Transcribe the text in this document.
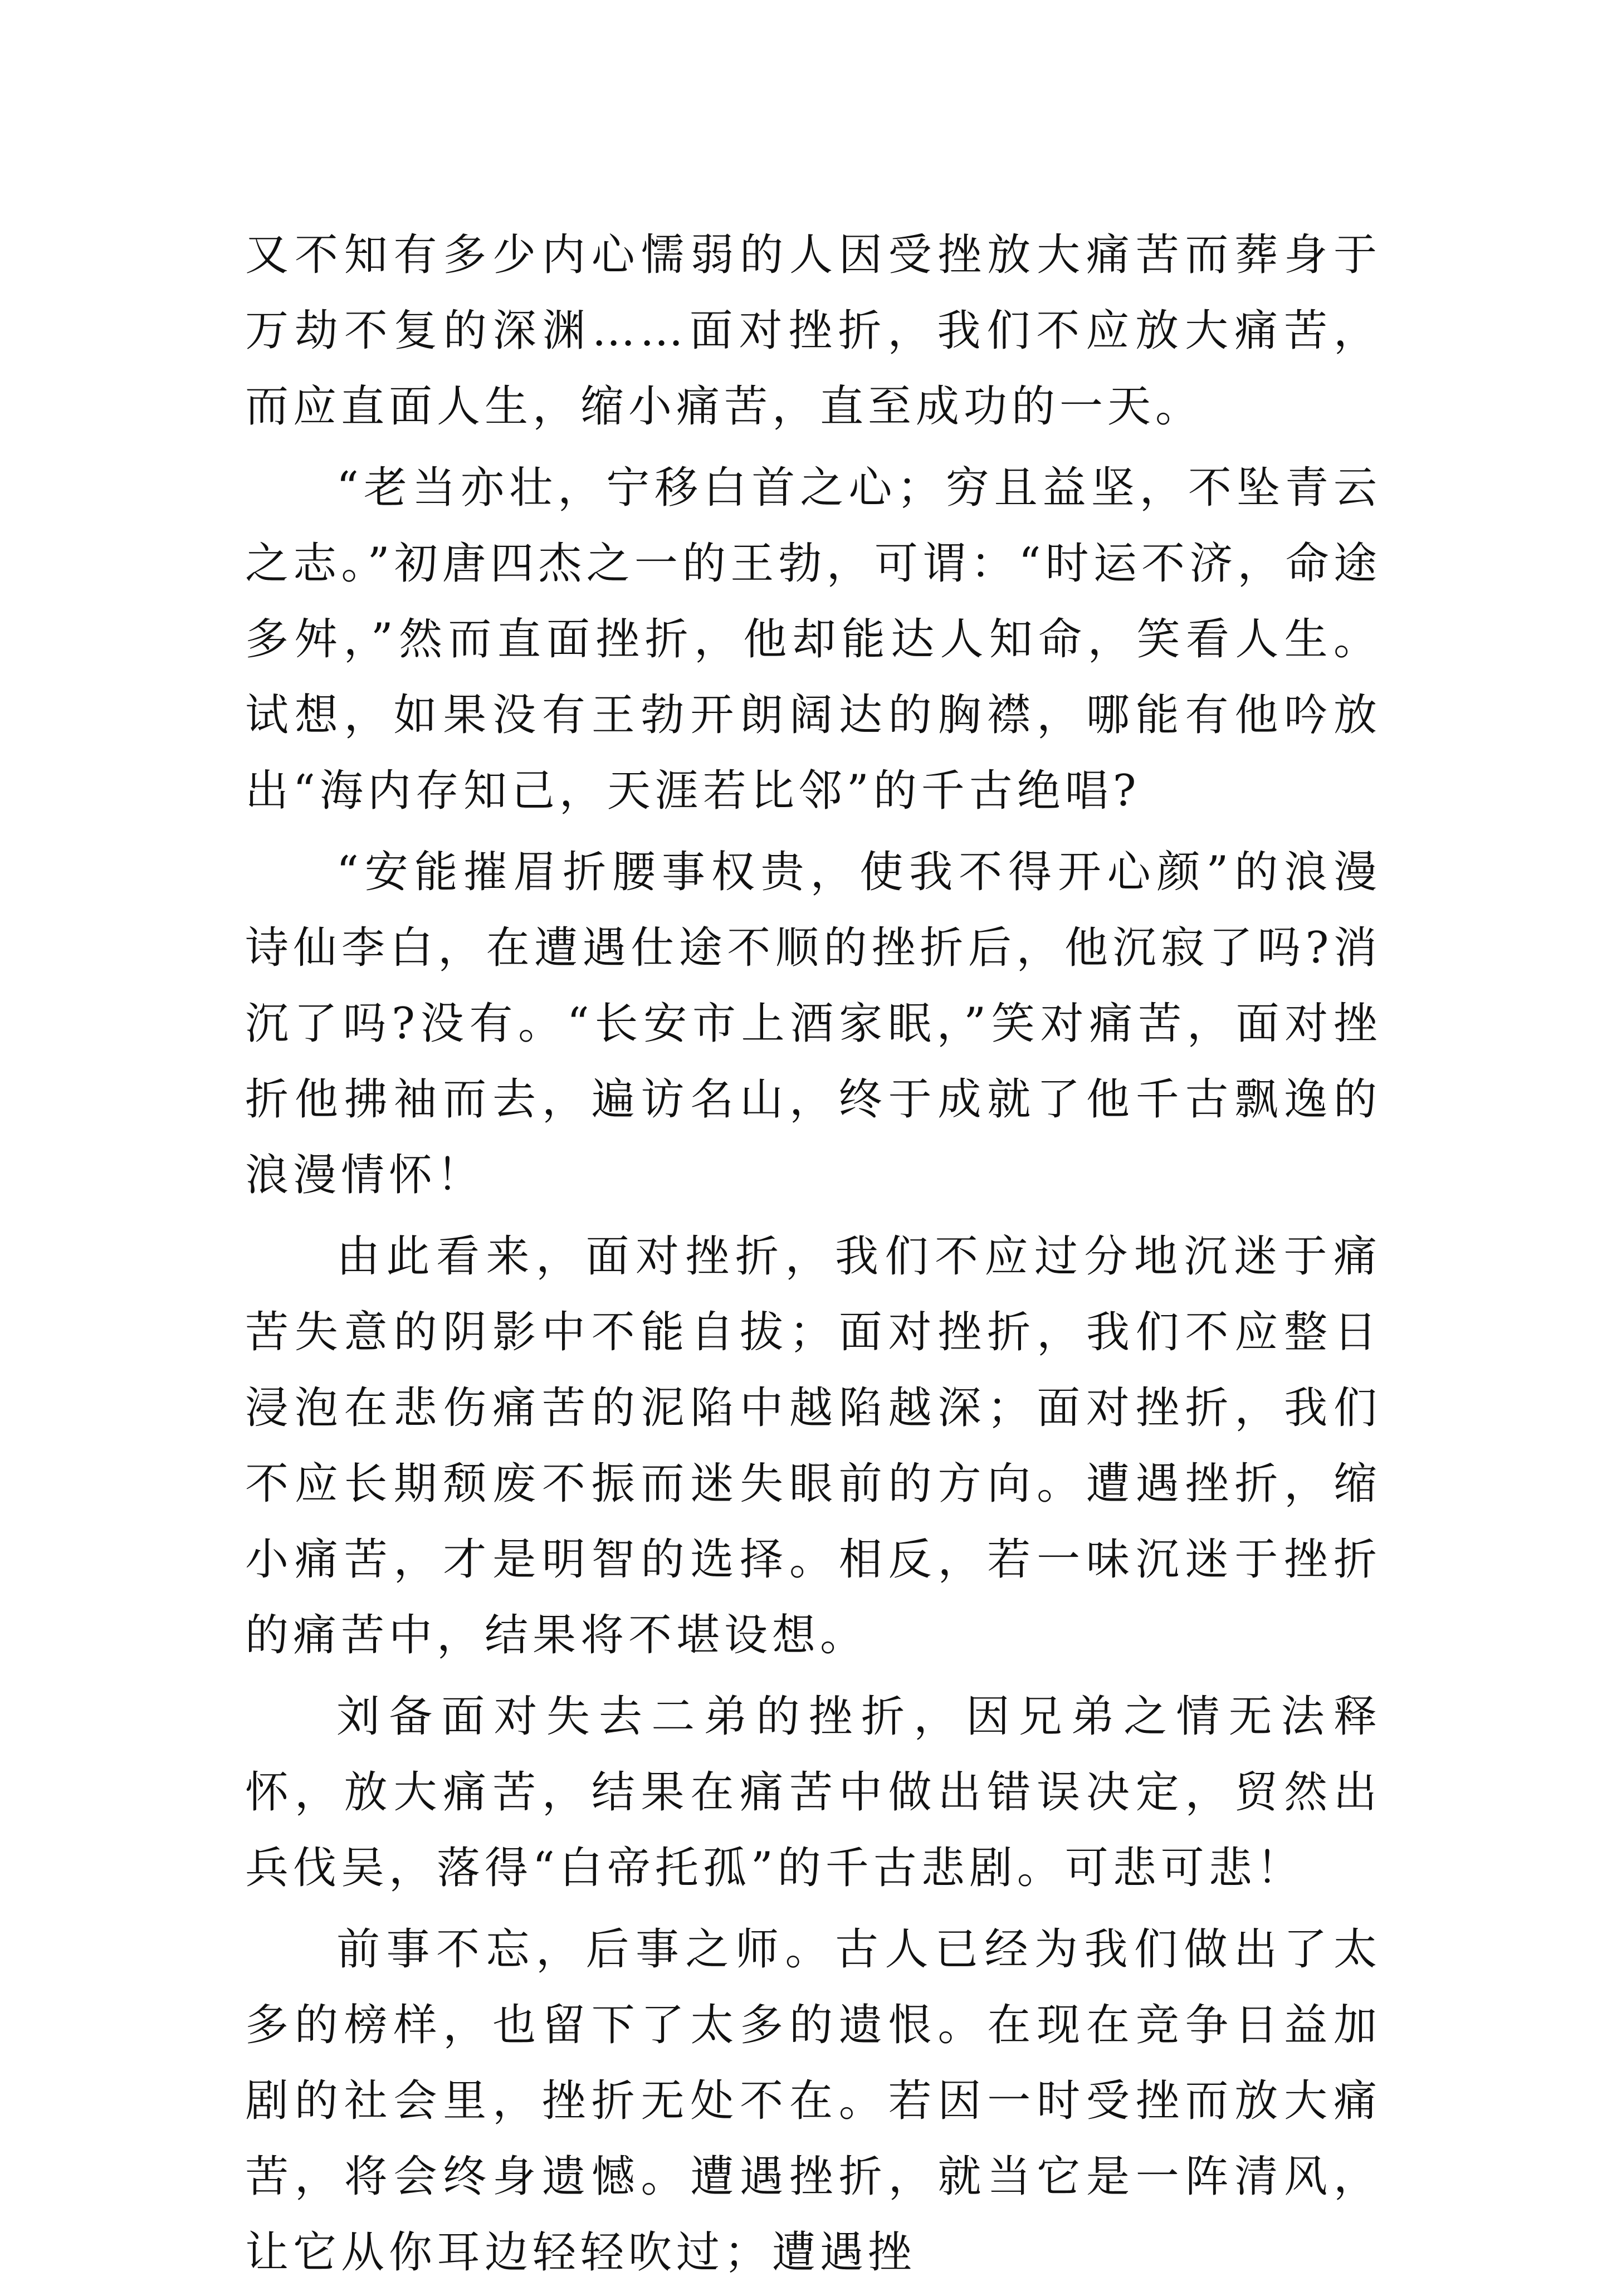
又不知有多少内心懦弱的人因受挫放大痛苦而葬身于万劫不复的深渊……面对挫折，我们不应放大痛苦，而应直面人生，缩小痛苦，直至成功的一天。

“老当亦壮，宁移白首之心；穷且益坚，不坠青云之志。”初唐四杰之一的王勃，可谓：“时运不济，命途多舛，”然而直面挫折，他却能达人知命，笑看人生。试想，如果没有王勃开朗阔达的胸襟，哪能有他吟放出“海内存知己，天涯若比邻”的千古绝唱?

“安能摧眉折腰事权贵，使我不得开心颜”的浪漫诗仙李白，在遭遇仕途不顺的挫折后，他沉寂了吗?消沉了吗?没有。“长安市上酒家眠，”笑对痛苦，面对挫折他拂袖而去，遍访名山，终于成就了他千古飘逸的浪漫情怀！

由此看来，面对挫折，我们不应过分地沉迷于痛苦失意的阴影中不能自拔；面对挫折，我们不应整日浸泡在悲伤痛苦的泥陷中越陷越深；面对挫折，我们不应长期颓废不振而迷失眼前的方向。遭遇挫折，缩小痛苦，才是明智的选择。相反，若一味沉迷于挫折的痛苦中，结果将不堪设想。

刘备面对失去二弟的挫折，因兄弟之情无法释怀，放大痛苦，结果在痛苦中做出错误决定，贸然出兵伐吴，落得“白帝托孤”的千古悲剧。可悲可悲！

前事不忘，后事之师。古人已经为我们做出了太多的榜样，也留下了太多的遗恨。在现在竞争日益加剧的社会里，挫折无处不在。若因一时受挫而放大痛苦，将会终身遗憾。遭遇挫折，就当它是一阵清风，让它从你耳边轻轻吹过；遭遇挫
